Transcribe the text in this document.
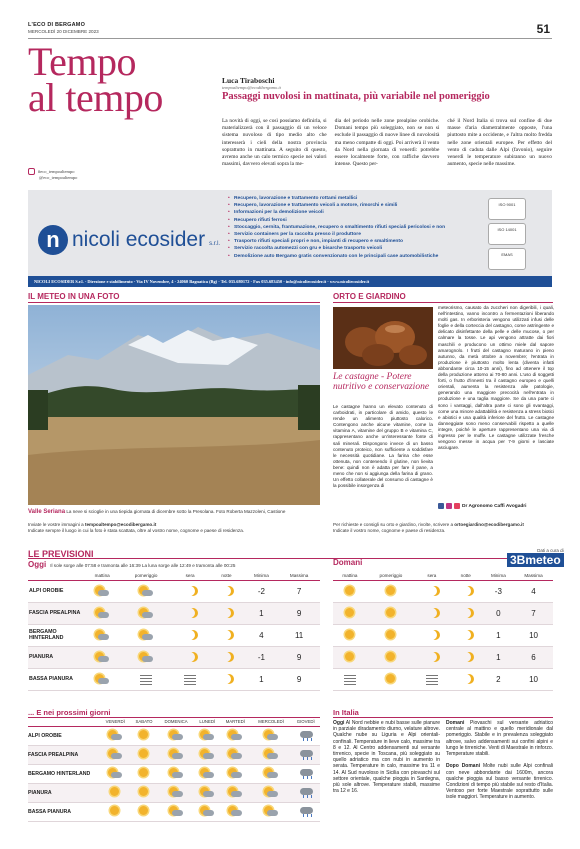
L'ECO DI BERGAMO
MERCOLEDÌ 20 DICEMBRE 2023	51
Tempo
al tempo
#eco_tempoaltempo
@eco_tempoaltempo
Luca Tiraboschi
tempoaltempo@ecodibergamo.it
Passaggi nuvolosi in mattinata, più variabile nel pomeriggio

La novità di oggi, se così possiamo definirla, si materializzerà con il passaggio di un veloce sistema nuvoloso di tipo medio alto che interesserà i cieli della nostra provincia soprattutto in mattinata. A seguito di questo, avremo anche un calo termico specie nei valori massimi, davvero elevati sopra la me-

dia del periodo nelle zone prealpine orobiche. Domani tempo più soleggiato, non se non si esclude il passaggio di nuove linee di nuvolosità ma meno compatte di oggi. Poi arriverà il vento da Nord nella giornata di venerdì: potrebbe essere localmente forte, con raffiche davvero intense. Questo per-

ché il Nord Italia si trova sul confine di due masse d'aria diametralmente opposte, l'una piuttosto mite a occidente, e l'altra molto fredda nelle zone orientali europee. Per effetto del vento di caduta dalle Alpi (favonio), seguire venerdì le temperature subiranno un nuovo aumento, specie nelle massime.

n nicoli ecosider s.r.l.
• Recupero, lavorazione e trattamento rottami metallici
• Recupero, lavorazione e trattamento veicoli a motore, rimorchi e simili
• Informazioni per la demolizione veicoli
• Recupero rifiuti ferrosi
• Stoccaggio, cernita, frantumazione, recupero o smaltimento rifiuti speciali pericolosi e non
• Servizio containers per la raccolta presso il produttore
• Trasporto rifiuti speciali propri e non, impianti di recupero e smaltimento
• Servizio raccolta automezzi con gru e bisarche trasporto veicoli
• Demolizione auto Bergamo gratis convenzionato con le principali case automobilistiche
ISO 9001
ISO 14001
EMAS
NICOLI ECOSIDER S.r.l. - Direzione e stabilimento - Via IV Novembre, 4 - 24060 Bagnatica (Bg) - Tel. 035.680172 - Fax 035.683450 - info@nicoliecosider.it - www.nicoliecosider.it
IL METEO IN UNA FOTO
Valle Seriana La neve si scioglie in una tiepida giornata di dicembre sotto la Presolana. Foto Roberta Mazzoleni, Castione
Inviate le vostre immagini a tempoaltempo@ecodibergamo.it
Indicate sempre il luogo in cui la foto è stata scattata, oltre al vostro nome, cognome e paese di residenza.
ORTO E GIARDINO
Le castagne - Potere nutritivo e conservazione
Le castagne hanno un elevato contenuto di carboidrati, in particolare di amido, questo le rende un alimento piuttosto calorico. Contengono anche alcune vitamine, come la vitamina A, vitamine del gruppo B e vitamina C, rappresentano anche un'interessante fonte di sali minerali. Dispongono invece di un basso contenuto proteico, non sufficiente a soddisfare le necessità quotidiane. La farina che esse ottenuta, non contenendo il glutine, non lievita bene: quindi non è adatta per fare il pane, a meno che non si aggiunga della farina di grano. Un effetto collaterale del consumo di castagne è la possibile insorgenza di
meteorismo, causato da zuccheri non digeribili, i quali, nell'intestino, vanno incontro a fermentazioni liberando molti gas. In erboristeria vengono utilizzati infusi delle foglie e della corteccia del castagno, come astringente e delicato disinfettante della pelle e delle mucose, o per calmare la tosse. Le api vengono attratte dai fiori maschili e producono un ottimo miele dal sapore amarognolo. I frutti del castagno maturano in pieno autunno, da metà ottobre a novembre; l'entrata in produzione è piuttosto molto lenta (diventa infatti abbondante circa 10-15 anni), fino ad ottenere il top della produzione attorno ai 70-80 anni. L'uso di soggetti forti, o frutto d'innesti tra il castagno europeo e quelli orientali, aumenta la resistenza alle patologie, generando una maggiore precocità nell'entrata in produzione e una taglia maggiore. Se da una parte ci sono i vantaggi, dall'altra parte ci sono gli svantaggi, come una minore adattabilità e resistenza a stress biotici e abiotici e una qualità inferiore del frutto. Le castagne danneggiate sono meno conservabili rispetto a quelle integre, poiché le aperture rappresentano una via di ingresso per le muffe. Le castagne utilizzate fresche vengono messe in acqua per 7-9 giorni e lasciate asciugare.
Dr Agronomo Caffi Avogadri
Per richieste e consigli su orto e giardino, rivolte, scrivere a ortoegiardino@ecodibergamo.it
Indicate il vostro nome, cognome e paese di residenza.
LE PREVISIONI
Oggi Il sole sorge alle 07:58 e tramonta alle 16:39 La luna sorge alle 12:49 e tramonta alle 00:25	Domani
Dati a cura di
3Bmeteo
	mattina	pomeriggio	sera	notte	Minima	Massima
ALPI OROBIE					-2	7
FASCIA PREALPINA					1	9
BERGAMO HINTERLAND					4	11
PIANURA					-1	9
BASSA PIANURA					1	9
mattina	pomeriggio	sera	notte	Minima	Massima

	-3	4

	0	7

	1	10

	1	6

	2	10
... E nei prossimi giorni
	VENERDÌ	SABATO	DOMENICA	LUNEDÌ	MARTEDÌ	MERCOLEDÌ	GIOVEDÌ
ALPI OROBIE	

FASCIA PREALPINA	

BERGAMO HINTERLAND	

PIANURA	

BASSA PIANURA	

In Italia

Oggi Al Nord nebbie e nubi basse sulle pianure in parziale diradamento diurno, velature altrove. Qualche nube su Liguria e Alpi orientali-confinali. Temperature in lieve calo, massime tra 8 e 12. Al Centro addensamenti sul versante tirrenico, specie in Toscana, più soleggiato su quello adriatico ma con nubi in aumento in serata. Temperature in calo, massime tra 11 e 14. Al Sud nuvoloso in Sicilia con piovaschi sul settore orientale, qualche pioggia in Sardegna, più sole altrove. Temperature stabili, massime tra 12 e 16.

Domani Piovaschi sul versante adriatico centrale al mattino e quello meridionale dal pomeriggio. Stabile e in prevalenza soleggiato altrove, salvo addensamenti sui confini alpini e lungo le tirreniche. Venti di Maestrale in rinforzo. Temperature stabili.

Dopo Domani Molte nubi sulle Alpi confinali con neve abbondante dai 1600m, ancora qualche pioggia sul basso versante tirrenico. Condizioni di tempo più stabile sul resto d'Italia. Ventoso per forte Maestrale soprattutto sulle isole maggiori. Temperature in aumento.
